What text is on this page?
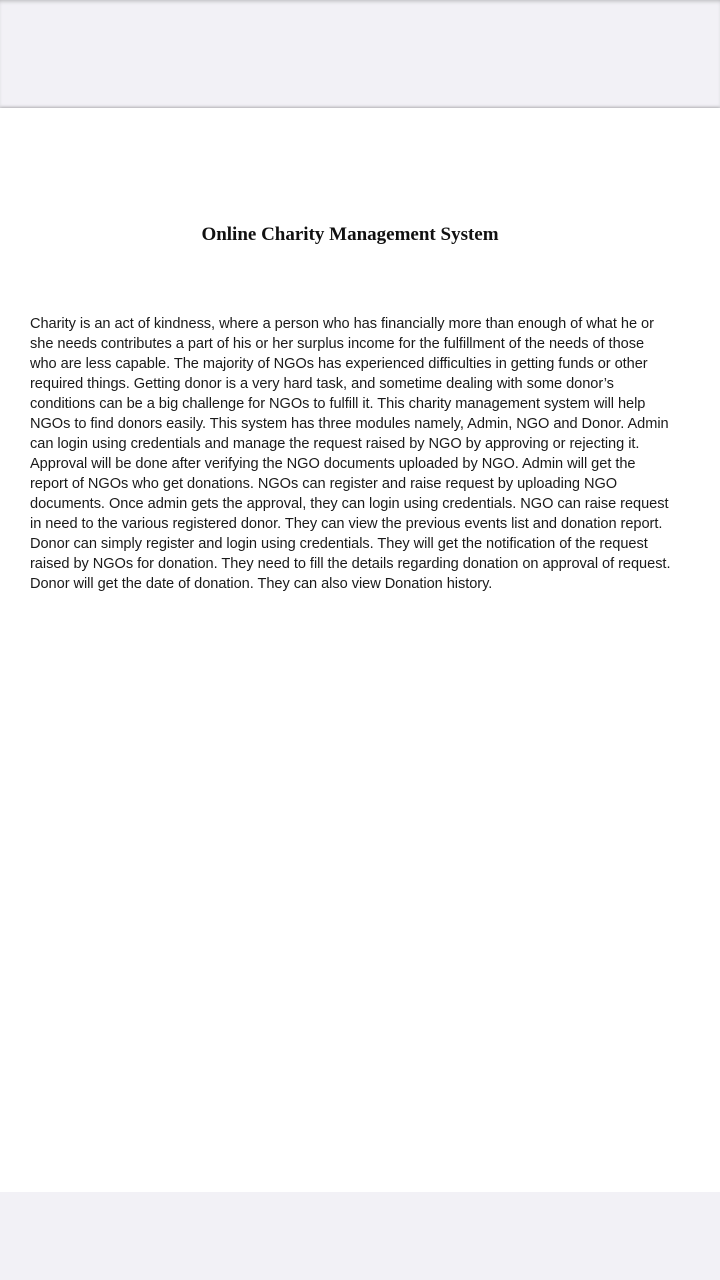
Online Charity Management System

Charity is an act of kindness, where a person who has financially more than enough of what he or she needs contributes a part of his or her surplus income for the fulfillment of the needs of those who are less capable. The majority of NGOs has experienced difficulties in getting funds or other required things. Getting donor is a very hard task, and sometime dealing with some donor’s conditions can be a big challenge for NGOs to fulfill it. This charity management system will help NGOs to find donors easily. This system has three modules namely, Admin, NGO and Donor. Admin can login using credentials and manage the request raised by NGO by approving or rejecting it. Approval will be done after verifying the NGO documents uploaded by NGO. Admin will get the report of NGOs who get donations. NGOs can register and raise request by uploading NGO documents. Once admin gets the approval, they can login using credentials. NGO can raise request in need to the various registered donor. They can view the previous events list and donation report. Donor can simply register and login using credentials. They will get the notification of the request raised by NGOs for donation. They need to fill the details regarding donation on approval of request. Donor will get the date of donation. They can also view Donation history.
